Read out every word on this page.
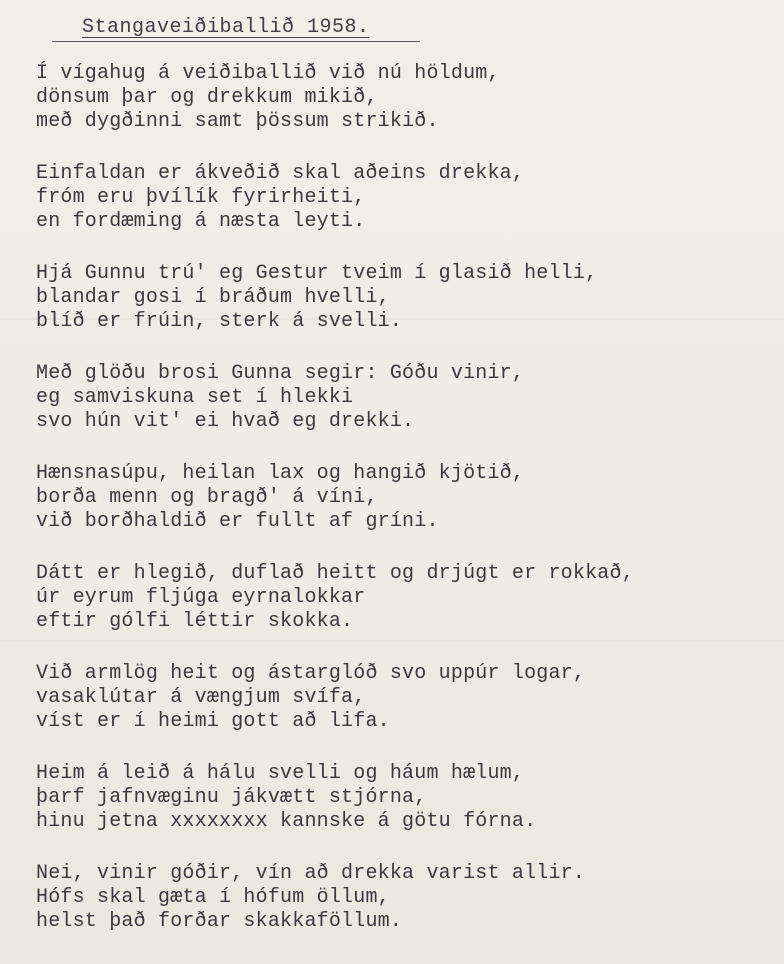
Stangaveiðiballið 1958.
Í vígahug á veiðiballið við nú höldum,
dönsum þar og drekkum mikið,
með dygðinni samt þössum strikið.
Einfaldan er ákveðið skal aðeins drekka,
fróm eru þvílík fyrirheiti,
en fordæming á næsta leyti.
Hjá Gunnu trú' eg Gestur tveim í glasið helli,
blandar gosi í bráðum hvelli,
blíð er frúin, sterk á svelli.
Með glöðu brosi Gunna segir: Góðu vinir,
eg samviskuna set í hlekki
svo hún vit' ei hvað eg drekki.
Hænsnasúpu, heilan lax og hangið kjötið,
borða menn og bragð' á víni,
við borðhaldið er fullt af gríni.
Dátt er hlegið, duflað heitt og drjúgt er rokkað,
úr eyrum fljúga eyrnalokkar
eftir gólfi léttir skokka.
Við armlög heit og ástarglóð svo uppúr logar,
vasaklútar á vængjum svífa,
víst er í heimi gott að lifa.
Heim á leið á hálu svelli og háum hælum,
þarf jafnvæginu jákvætt stjórna,
hinu jetna xxxxxxxx kannske á götu fórna.
Nei, vinir góðir, vín að drekka varist allir.
Hófs skal gæta í hófum öllum,
helst það forðar skakkaföllum.
